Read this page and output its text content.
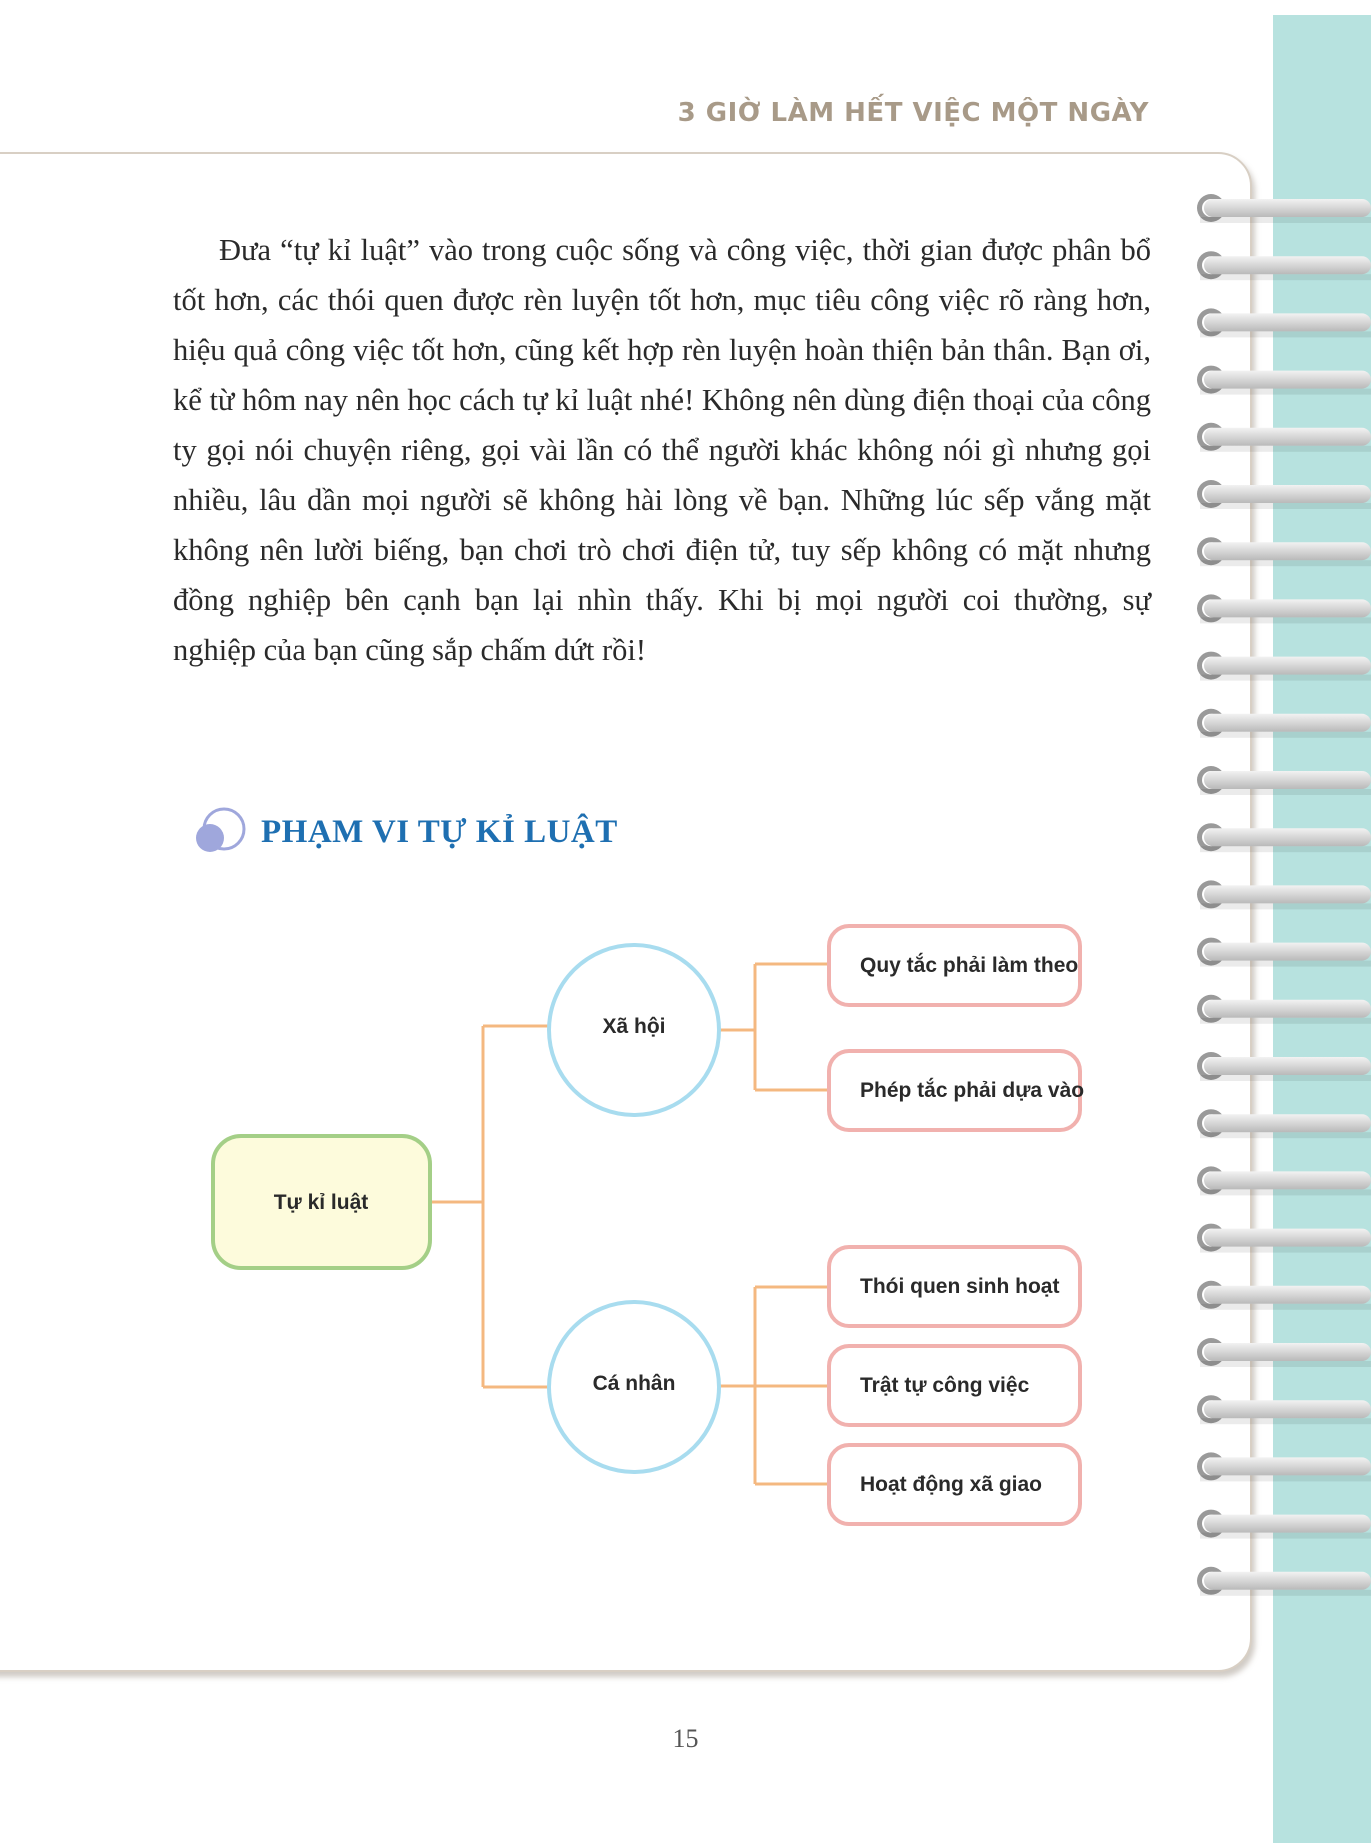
3 GIỜ LÀM HẾT VIỆC MỘT NGÀY

Đưa “tự kỉ luật” vào trong cuộc sống và công việc, thời gian được phân bổ tốt hơn, các thói quen được rèn luyện tốt hơn, mục tiêu công việc rõ ràng hơn, hiệu quả công việc tốt hơn, cũng kết hợp rèn luyện hoàn thiện bản thân. Bạn ơi, kể từ hôm nay nên học cách tự kỉ luật nhé! Không nên dùng điện thoại của công ty gọi nói chuyện riêng, gọi vài lần có thể người khác không nói gì nhưng gọi nhiều, lâu dần mọi người sẽ không hài lòng về bạn. Những lúc sếp vắng mặt không nên lười biếng, bạn chơi trò chơi điện tử, tuy sếp không có mặt nhưng đồng nghiệp bên cạnh bạn lại nhìn thấy. Khi bị mọi người coi thường, sự nghiệp của bạn cũng sắp chấm dứt rồi!

PHẠM VI TỰ KỈ LUẬT
Tự kỉ luật
Xã hội
Cá nhân
Quy tắc phải làm theo
Phép tắc phải dựa vào
Thói quen sinh hoạt
Trật tự công việc
Hoạt động xã giao
15
